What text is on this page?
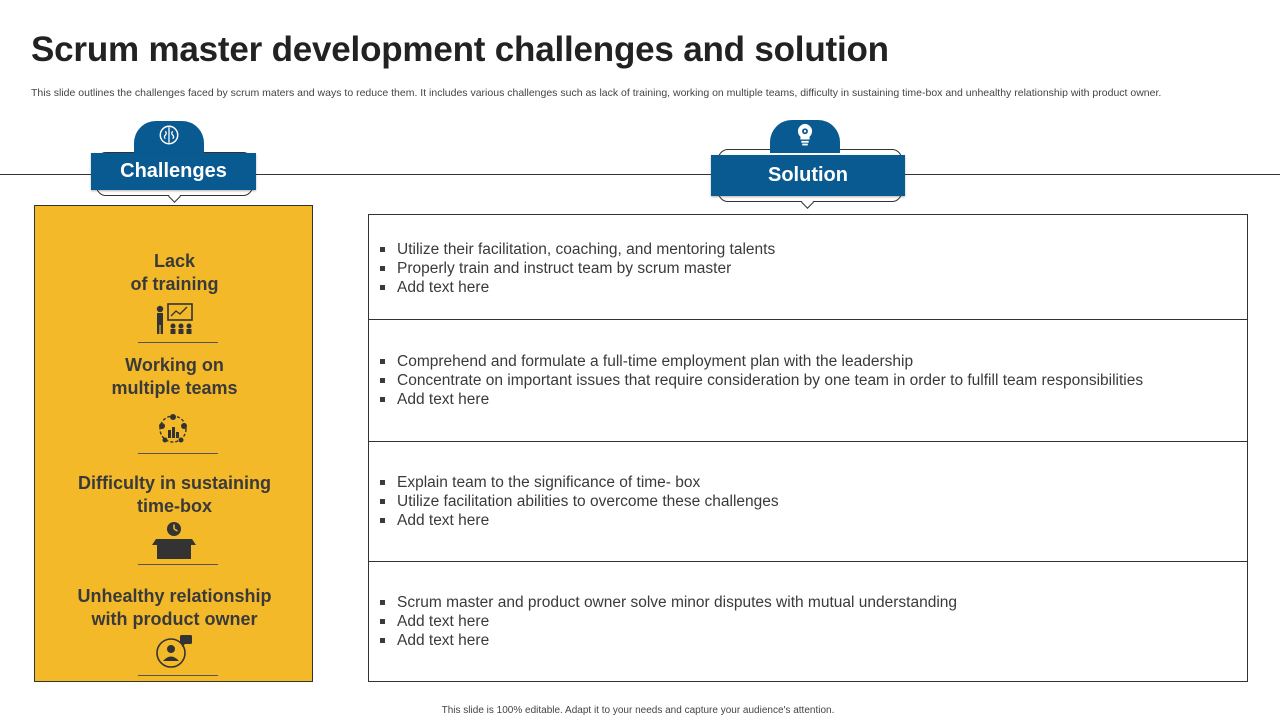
Scrum master development challenges and solution

This slide outlines the challenges faced by scrum maters and ways to reduce them. It includes various challenges such as lack of training, working on multiple teams, difficulty in sustaining time-box and unhealthy relationship with product owner.

Challenges	Solution
Lack
of training
Working on
multiple teams
Difficulty in sustaining
time-box
Unhealthy relationship
with product owner
Utilize their facilitation, coaching, and mentoring talents
Properly train and instruct team by scrum master
Add text here
Comprehend and formulate a full-time employment plan with the leadership
Concentrate on important issues that require consideration by one team in order to fulfill team responsibilities
Add text here
Explain team to the significance of time- box
Utilize facilitation abilities to overcome these challenges
Add text here
Scrum master and product owner solve minor disputes with mutual understanding
Add text here
Add text here
This slide is 100% editable. Adapt it to your needs and capture your audience's attention.
